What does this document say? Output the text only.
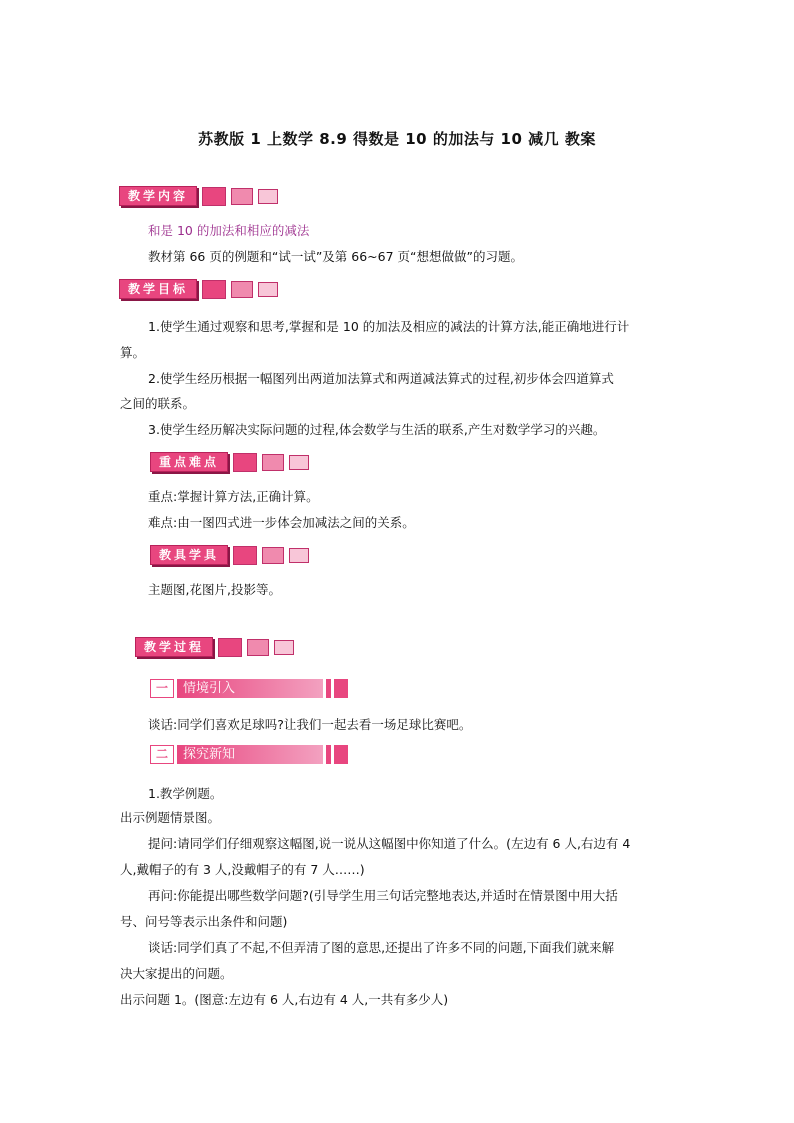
苏教版 1 上数学 8.9 得数是 10 的加法与 10 减几 教案
教学内容
和是 10 的加法和相应的减法
教材第 66 页的例题和“试一试”及第 66~67 页“想想做做”的习题。
教学目标
1.使学生通过观察和思考,掌握和是 10 的加法及相应的减法的计算方法,能正确地进行计
算。
2.使学生经历根据一幅图列出两道加法算式和两道减法算式的过程,初步体会四道算式
之间的联系。
3.使学生经历解决实际问题的过程,体会数学与生活的联系,产生对数学学习的兴趣。
重点难点
重点:掌握计算方法,正确计算。
难点:由一图四式进一步体会加减法之间的关系。
教具学具
主题图,花图片,投影等。
教学过程
一	情境引入
谈话:同学们喜欢足球吗?让我们一起去看一场足球比赛吧。
二	探究新知
1.教学例题。
出示例题情景图。
提问:请同学们仔细观察这幅图,说一说从这幅图中你知道了什么。(左边有 6 人,右边有 4
人,戴帽子的有 3 人,没戴帽子的有 7 人……)
再问:你能提出哪些数学问题?(引导学生用三句话完整地表达,并适时在情景图中用大括
号、问号等表示出条件和问题)
谈话:同学们真了不起,不但弄清了图的意思,还提出了许多不同的问题,下面我们就来解
决大家提出的问题。
出示问题 1。(图意:左边有 6 人,右边有 4 人,一共有多少人)
